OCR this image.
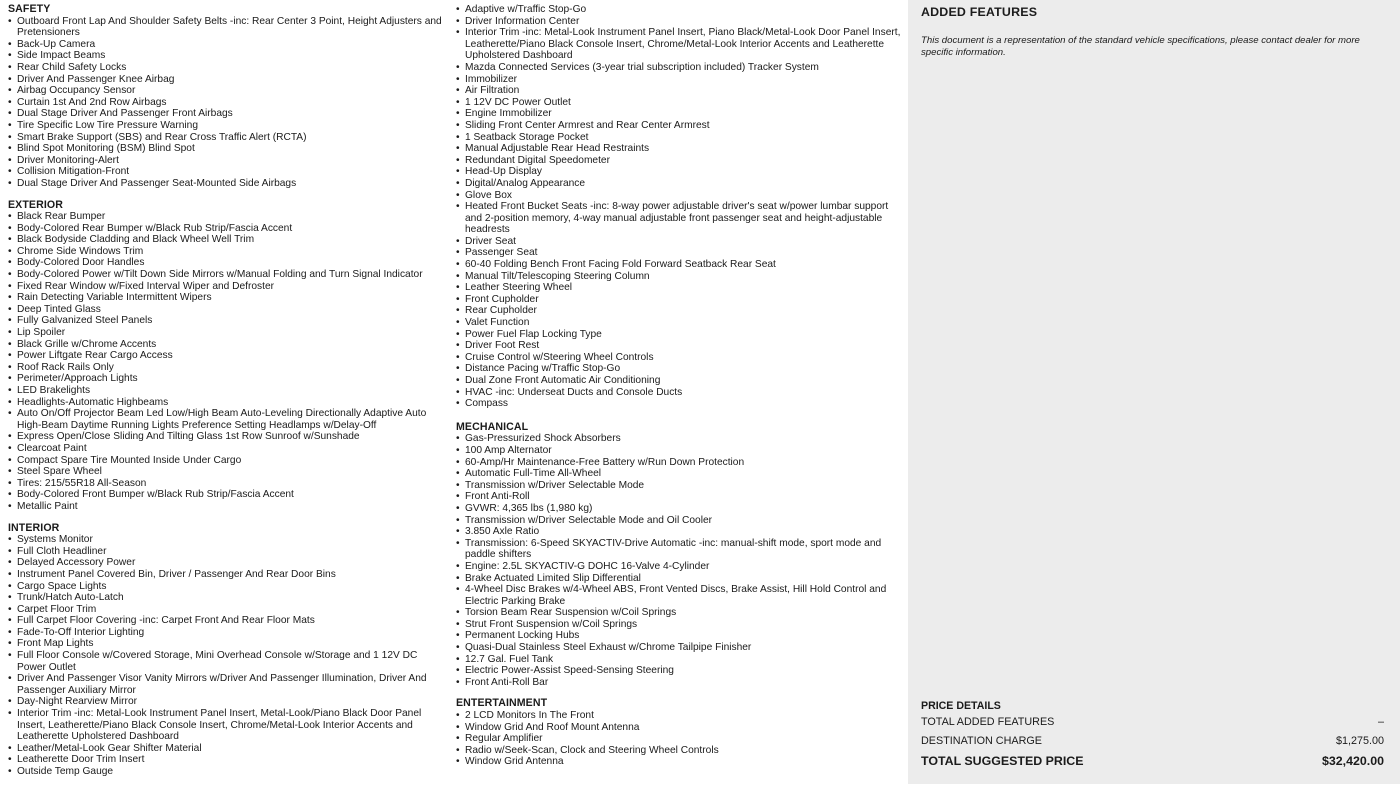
SAFETY
• Outboard Front Lap And Shoulder Safety Belts -inc: Rear Center 3 Point, Height Adjusters and Pretensioners
• Back-Up Camera
• Side Impact Beams
• Rear Child Safety Locks
• Driver And Passenger Knee Airbag
• Airbag Occupancy Sensor
• Curtain 1st And 2nd Row Airbags
• Dual Stage Driver And Passenger Front Airbags
• Tire Specific Low Tire Pressure Warning
• Smart Brake Support (SBS) and Rear Cross Traffic Alert (RCTA)
• Blind Spot Monitoring (BSM) Blind Spot
• Driver Monitoring-Alert
• Collision Mitigation-Front
• Dual Stage Driver And Passenger Seat-Mounted Side Airbags
EXTERIOR
• Black Rear Bumper
• Body-Colored Rear Bumper w/Black Rub Strip/Fascia Accent
• Black Bodyside Cladding and Black Wheel Well Trim
• Chrome Side Windows Trim
• Body-Colored Door Handles
• Body-Colored Power w/Tilt Down Side Mirrors w/Manual Folding and Turn Signal Indicator
• Fixed Rear Window w/Fixed Interval Wiper and Defroster
• Rain Detecting Variable Intermittent Wipers
• Deep Tinted Glass
• Fully Galvanized Steel Panels
• Lip Spoiler
• Black Grille w/Chrome Accents
• Power Liftgate Rear Cargo Access
• Roof Rack Rails Only
• Perimeter/Approach Lights
• LED Brakelights
• Headlights-Automatic Highbeams
• Auto On/Off Projector Beam Led Low/High Beam Auto-Leveling Directionally Adaptive Auto High-Beam Daytime Running Lights Preference Setting Headlamps w/Delay-Off
• Express Open/Close Sliding And Tilting Glass 1st Row Sunroof w/Sunshade
• Clearcoat Paint
• Compact Spare Tire Mounted Inside Under Cargo
• Steel Spare Wheel
• Tires: 215/55R18 All-Season
• Body-Colored Front Bumper w/Black Rub Strip/Fascia Accent
• Metallic Paint
INTERIOR
• Systems Monitor
• Full Cloth Headliner
• Delayed Accessory Power
• Instrument Panel Covered Bin, Driver / Passenger And Rear Door Bins
• Cargo Space Lights
• Trunk/Hatch Auto-Latch
• Carpet Floor Trim
• Full Carpet Floor Covering -inc: Carpet Front And Rear Floor Mats
• Fade-To-Off Interior Lighting
• Front Map Lights
• Full Floor Console w/Covered Storage, Mini Overhead Console w/Storage and 1 12V DC Power Outlet
• Driver And Passenger Visor Vanity Mirrors w/Driver And Passenger Illumination, Driver And Passenger Auxiliary Mirror
• Day-Night Rearview Mirror
• Interior Trim -inc: Metal-Look Instrument Panel Insert, Metal-Look/Piano Black Door Panel Insert, Leatherette/Piano Black Console Insert, Chrome/Metal-Look Interior Accents and Leatherette Upholstered Dashboard
• Leather/Metal-Look Gear Shifter Material
• Leatherette Door Trim Insert
• Outside Temp Gauge
• Adaptive w/Traffic Stop-Go
• Driver Information Center
• Interior Trim -inc: Metal-Look Instrument Panel Insert, Piano Black/Metal-Look Door Panel Insert, Leatherette/Piano Black Console Insert, Chrome/Metal-Look Interior Accents and Leatherette Upholstered Dashboard
• Mazda Connected Services (3-year trial subscription included) Tracker System
• Immobilizer
• Air Filtration
• 1 12V DC Power Outlet
• Engine Immobilizer
• Sliding Front Center Armrest and Rear Center Armrest
• 1 Seatback Storage Pocket
• Manual Adjustable Rear Head Restraints
• Redundant Digital Speedometer
• Head-Up Display
• Digital/Analog Appearance
• Glove Box
• Heated Front Bucket Seats -inc: 8-way power adjustable driver's seat w/power lumbar support and 2-position memory, 4-way manual adjustable front passenger seat and height-adjustable headrests
• Driver Seat
• Passenger Seat
• 60-40 Folding Bench Front Facing Fold Forward Seatback Rear Seat
• Manual Tilt/Telescoping Steering Column
• Leather Steering Wheel
• Front Cupholder
• Rear Cupholder
• Valet Function
• Power Fuel Flap Locking Type
• Driver Foot Rest
• Cruise Control w/Steering Wheel Controls
• Distance Pacing w/Traffic Stop-Go
• Dual Zone Front Automatic Air Conditioning
• HVAC -inc: Underseat Ducts and Console Ducts
• Compass
MECHANICAL
• Gas-Pressurized Shock Absorbers
• 100 Amp Alternator
• 60-Amp/Hr Maintenance-Free Battery w/Run Down Protection
• Automatic Full-Time All-Wheel
• Transmission w/Driver Selectable Mode
• Front Anti-Roll
• GVWR: 4,365 lbs (1,980 kg)
• Transmission w/Driver Selectable Mode and Oil Cooler
• 3.850 Axle Ratio
• Transmission: 6-Speed SKYACTIV-Drive Automatic -inc: manual-shift mode, sport mode and paddle shifters
• Engine: 2.5L SKYACTIV-G DOHC 16-Valve 4-Cylinder
• Brake Actuated Limited Slip Differential
• 4-Wheel Disc Brakes w/4-Wheel ABS, Front Vented Discs, Brake Assist, Hill Hold Control and Electric Parking Brake
• Torsion Beam Rear Suspension w/Coil Springs
• Strut Front Suspension w/Coil Springs
• Permanent Locking Hubs
• Quasi-Dual Stainless Steel Exhaust w/Chrome Tailpipe Finisher
• 12.7 Gal. Fuel Tank
• Electric Power-Assist Speed-Sensing Steering
• Front Anti-Roll Bar
ENTERTAINMENT
• 2 LCD Monitors In The Front
• Window Grid And Roof Mount Antenna
• Regular Amplifier
• Radio w/Seek-Scan, Clock and Steering Wheel Controls
• Window Grid Antenna
ADDED FEATURES
This document is a representation of the standard vehicle specifications, please contact dealer for more specific information.
PRICE DETAILS
TOTAL ADDED FEATURES	–
DESTINATION CHARGE	$1,275.00
TOTAL SUGGESTED PRICE	$32,420.00
